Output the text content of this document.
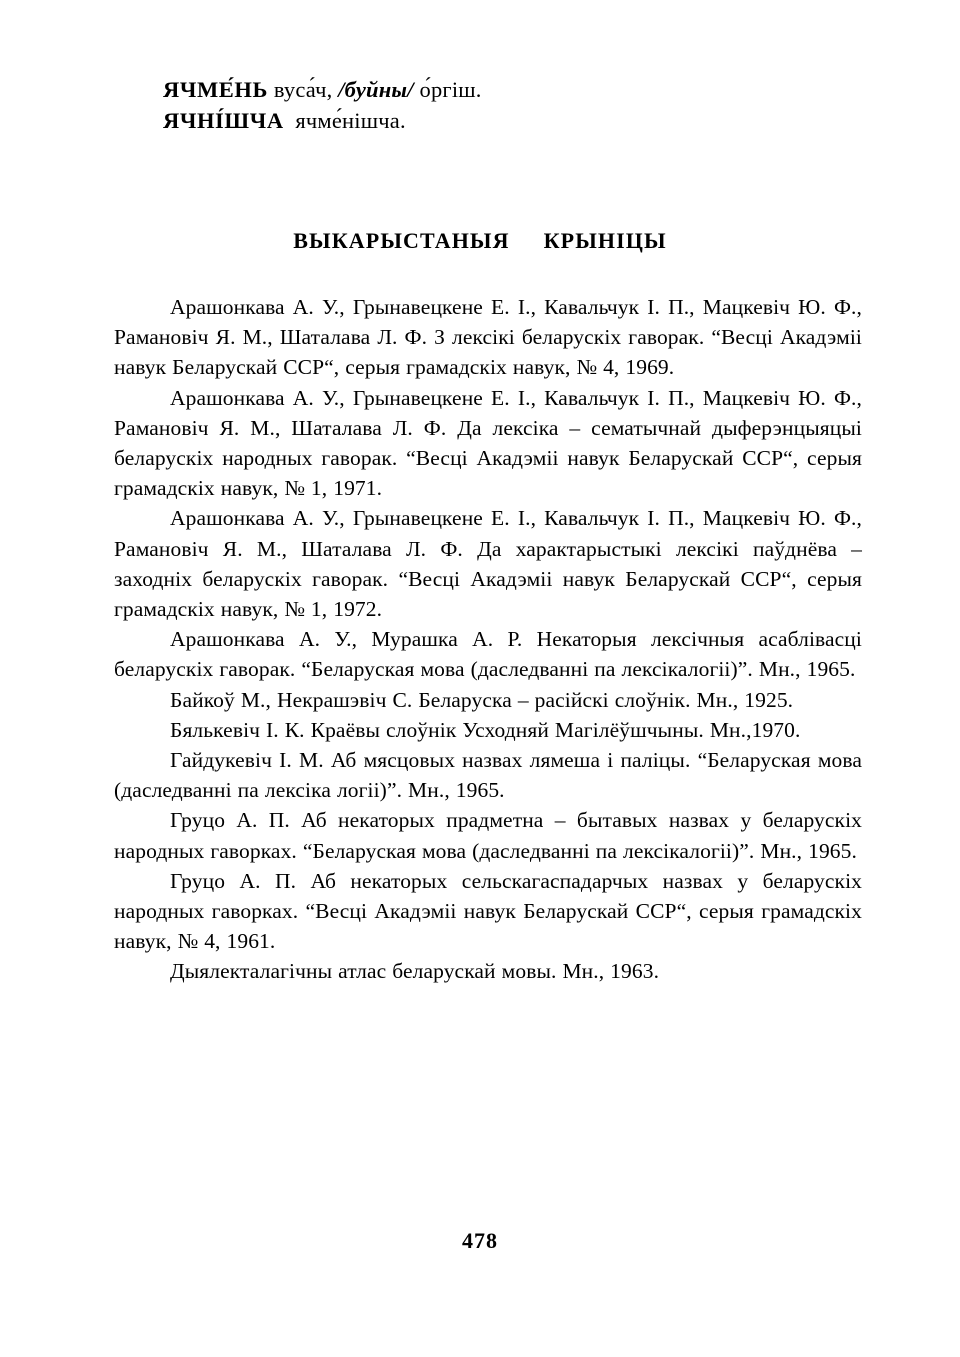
ЯЧМЕ́НЬ вуса́ч, /буйны/ о́ргіш.
ЯЧНІ́ШЧА ячме́нішча.
ВЫКАРЫСТАНЫЯ КРЫНІЦЫ

Арашонкава А. У., Грынавецкене Е. І., Кавальчук І. П., Мацкевіч Ю. Ф., Рамановіч Я. М., Шаталава Л. Ф. З лексікі беларускіх гаворак. “Весці Акадэміі навук Беларускай ССР“, серыя грамадскіх навук, № 4, 1969.

Арашонкава А. У., Грынавецкене Е. І., Кавальчук І. П., Мацкевіч Ю. Ф., Рамановіч Я. М., Шаталава Л. Ф. Да лексіка – сематычнай дыферэнцыяцыі беларускіх народных гаворак. “Весці Акадэміі навук Беларускай ССР“, серыя грамадскіх навук, № 1, 1971.

Арашонкава А. У., Грынавецкене Е. І., Кавальчук І. П., Мацкевіч Ю. Ф., Рамановіч Я. М., Шаталава Л. Ф. Да характарыстыкі лексікі паўднёва – заходніх беларускіх гаворак. “Весці Акадэміі навук Беларускай ССР“, серыя грамадскіх навук, № 1, 1972.

Арашонкава А. У., Мурашка А. Р. Некаторыя лексічныя асаблівасці беларускіх гаворак. “Беларуская мова (даследванні па лексікалогіі)”. Мн., 1965.

Байкоў М., Некрашэвіч С. Беларуска – расійскі слоўнік. Мн., 1925.

Бялькевіч І. К. Краёвы слоўнік Усходняй Магілёўшчыны. Мн.,1970.

Гайдукевіч І. М. Аб мясцовых назвах лямеша і паліцы. “Беларуская мова (даследванні па лексіка логіі)”. Мн., 1965.

Груцо А. П. Аб некаторых прадметна – бытавых назвах у беларускіх народных гаворках. “Беларуская мова (даследванні па лексікалогіі)”. Мн., 1965.

Груцо А. П. Аб некаторых сельскагаспадарчых назвах у беларускіх народных гаворках. “Весці Акадэміі навук Беларускай ССР“, серыя грамадскіх навук, № 4, 1961.

Дыялекталагічны атлас беларускай мовы. Мн., 1963.

478
